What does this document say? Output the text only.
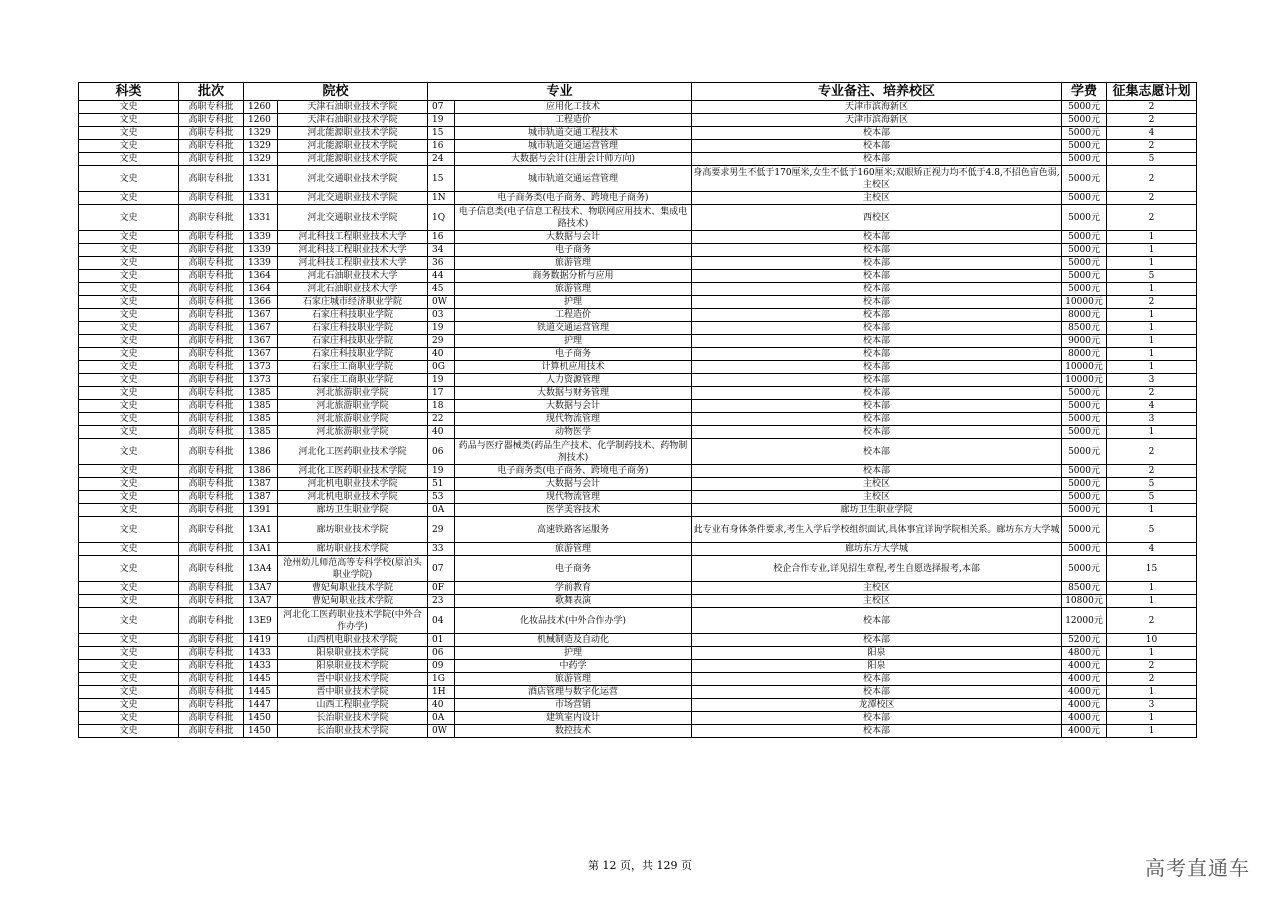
科类	批次	院校		专业		专业备注、培养校区	学费	征集志愿计划
文史	高职专科批	1260	天津石油职业技术学院	07	应用化工技术	天津市滨海新区	5000元	2
文史	高职专科批	1260	天津石油职业技术学院	19	工程造价	天津市滨海新区	5000元	2
文史	高职专科批	1329	河北能源职业技术学院	15	城市轨道交通工程技术	校本部	5000元	4
文史	高职专科批	1329	河北能源职业技术学院	16	城市轨道交通运营管理	校本部	5000元	2
文史	高职专科批	1329	河北能源职业技术学院	24	大数据与会计(注册会计师方向)	校本部	5000元	5
文史	高职专科批	1331	河北交通职业技术学院	15	城市轨道交通运营管理	身高要求男生不低于170厘米,女生不低于160厘米;双眼矫正视力均不低于4.8,不招色盲色弱, 主校区	5000元	2
文史	高职专科批	1331	河北交通职业技术学院	1N	电子商务类(电子商务、跨境电子商务)	主校区	5000元	2
文史	高职专科批	1331	河北交通职业技术学院	1Q	电子信息类(电子信息工程技术、物联网应用技术、集成电路技术)	西校区	5000元	2
文史	高职专科批	1339	河北科技工程职业技术大学	16	大数据与会计	校本部	5000元	1
文史	高职专科批	1339	河北科技工程职业技术大学	34	电子商务	校本部	5000元	1
文史	高职专科批	1339	河北科技工程职业技术大学	36	旅游管理	校本部	5000元	1
文史	高职专科批	1364	河北石油职业技术大学	44	商务数据分析与应用	校本部	5000元	5
文史	高职专科批	1364	河北石油职业技术大学	45	旅游管理	校本部	5000元	1
文史	高职专科批	1366	石家庄城市经济职业学院	0W	护理	校本部	10000元	2
文史	高职专科批	1367	石家庄科技职业学院	03	工程造价	校本部	8000元	1
文史	高职专科批	1367	石家庄科技职业学院	19	铁道交通运营管理	校本部	8500元	1
文史	高职专科批	1367	石家庄科技职业学院	29	护理	校本部	9000元	1
文史	高职专科批	1367	石家庄科技职业学院	40	电子商务	校本部	8000元	1
文史	高职专科批	1373	石家庄工商职业学院	0G	计算机应用技术	校本部	10000元	1
文史	高职专科批	1373	石家庄工商职业学院	19	人力资源管理	校本部	10000元	3
文史	高职专科批	1385	河北旅游职业学院	17	大数据与财务管理	校本部	5000元	2
文史	高职专科批	1385	河北旅游职业学院	18	大数据与会计	校本部	5000元	4
文史	高职专科批	1385	河北旅游职业学院	22	现代物流管理	校本部	5000元	3
文史	高职专科批	1385	河北旅游职业学院	40	动物医学	校本部	5000元	1
文史	高职专科批	1386	河北化工医药职业技术学院	06	药品与医疗器械类(药品生产技术、化学制药技术、药物制剂技术)	校本部	5000元	2
文史	高职专科批	1386	河北化工医药职业技术学院	19	电子商务类(电子商务、跨境电子商务)	校本部	5000元	2
文史	高职专科批	1387	河北机电职业技术学院	51	大数据与会计	主校区	5000元	5
文史	高职专科批	1387	河北机电职业技术学院	53	现代物流管理	主校区	5000元	5
文史	高职专科批	1391	廊坊卫生职业学院	0A	医学美容技术	廊坊卫生职业学院	5000元	1
文史	高职专科批	13A1	廊坊职业技术学院	29	高速铁路客运服务	此专业有身体条件要求,考生入学后学校组织面试,具体事宜详询学院相关系。廊坊东方大学城	5000元	5
文史	高职专科批	13A1	廊坊职业技术学院	33	旅游管理	廊坊东方大学城	5000元	4
文史	高职专科批	13A4	沧州幼儿师范高等专科学校(原泊头职业学院)	07	电子商务	校企合作专业,详见招生章程,考生自愿选择报考,本部	5000元	15
文史	高职专科批	13A7	曹妃甸职业技术学院	0F	学前教育	主校区	8500元	1
文史	高职专科批	13A7	曹妃甸职业技术学院	23	歌舞表演	主校区	10800元	1
文史	高职专科批	13E9	河北化工医药职业技术学院(中外合作办学)	04	化妆品技术(中外合作办学)	校本部	12000元	2
文史	高职专科批	1419	山西机电职业技术学院	01	机械制造及自动化	校本部	5200元	10
文史	高职专科批	1433	阳泉职业技术学院	06	护理	阳泉	4800元	1
文史	高职专科批	1433	阳泉职业技术学院	09	中药学	阳泉	4000元	2
文史	高职专科批	1445	晋中职业技术学院	1G	旅游管理	校本部	4000元	2
文史	高职专科批	1445	晋中职业技术学院	1H	酒店管理与数字化运营	校本部	4000元	1
文史	高职专科批	1447	山西工程职业学院	40	市场营销	龙潭校区	4000元	3
文史	高职专科批	1450	长治职业技术学院	0A	建筑室内设计	校本部	4000元	1
文史	高职专科批	1450	长治职业技术学院	0W	数控技术	校本部	4000元	1
第 12 页，共 129 页	高考直通车
